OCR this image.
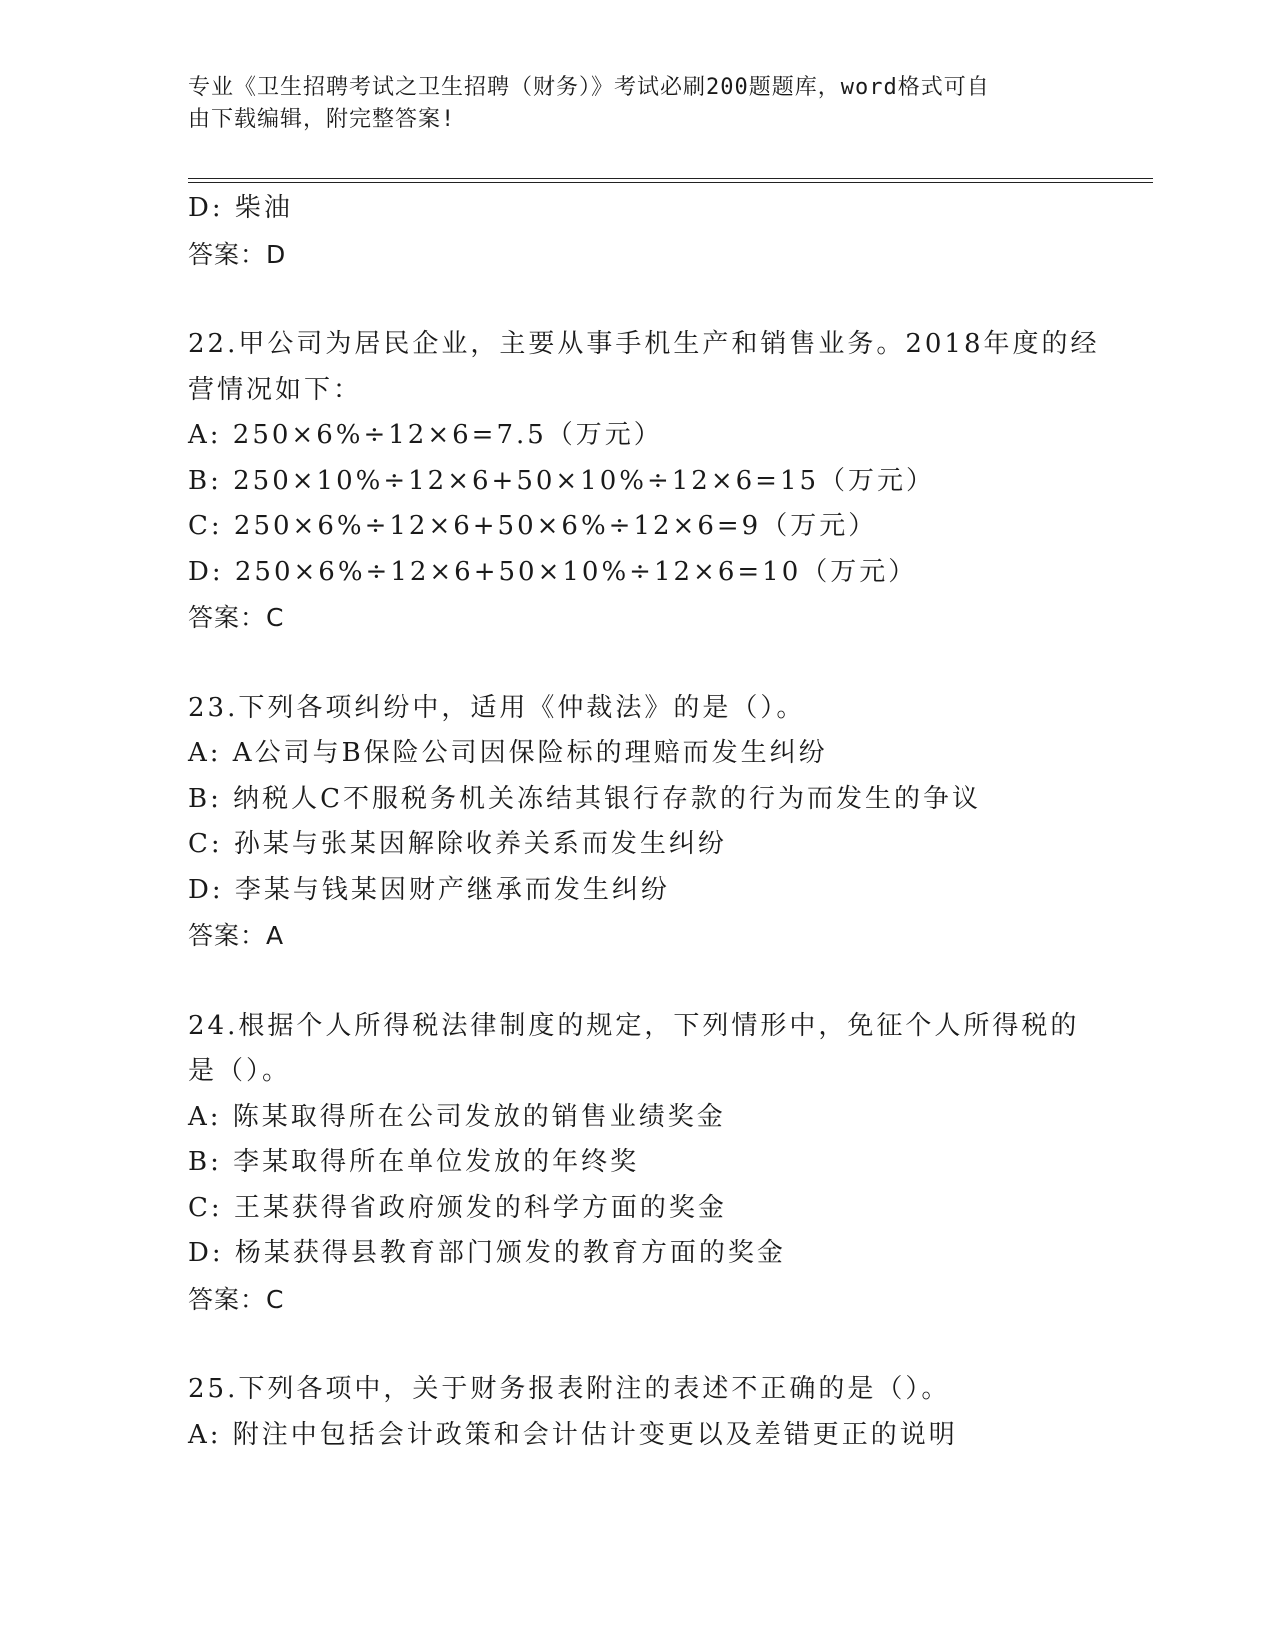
专业《卫生招聘考试之卫生招聘（财务）》考试必刷200题题库，word格式可自
由下载编辑，附完整答案!
D: 柴油
答案：D
22.甲公司为居民企业，主要从事手机生产和销售业务。2018年度的经
营情况如下：
A: 250×6%÷12×6=7.5（万元）
B: 250×10%÷12×6+50×10%÷12×6=15（万元）
C: 250×6%÷12×6+50×6%÷12×6=9（万元）
D: 250×6%÷12×6+50×10%÷12×6=10（万元）
答案：C
23.下列各项纠纷中，适用《仲裁法》的是（）。
A: A公司与B保险公司因保险标的理赔而发生纠纷
B: 纳税人C不服税务机关冻结其银行存款的行为而发生的争议
C: 孙某与张某因解除收养关系而发生纠纷
D: 李某与钱某因财产继承而发生纠纷
答案：A
24.根据个人所得税法律制度的规定，下列情形中，免征个人所得税的
是（）。
A: 陈某取得所在公司发放的销售业绩奖金
B: 李某取得所在单位发放的年终奖
C: 王某获得省政府颁发的科学方面的奖金
D: 杨某获得县教育部门颁发的教育方面的奖金
答案：C
25.下列各项中，关于财务报表附注的表述不正确的是（）。
A: 附注中包括会计政策和会计估计变更以及差错更正的说明
